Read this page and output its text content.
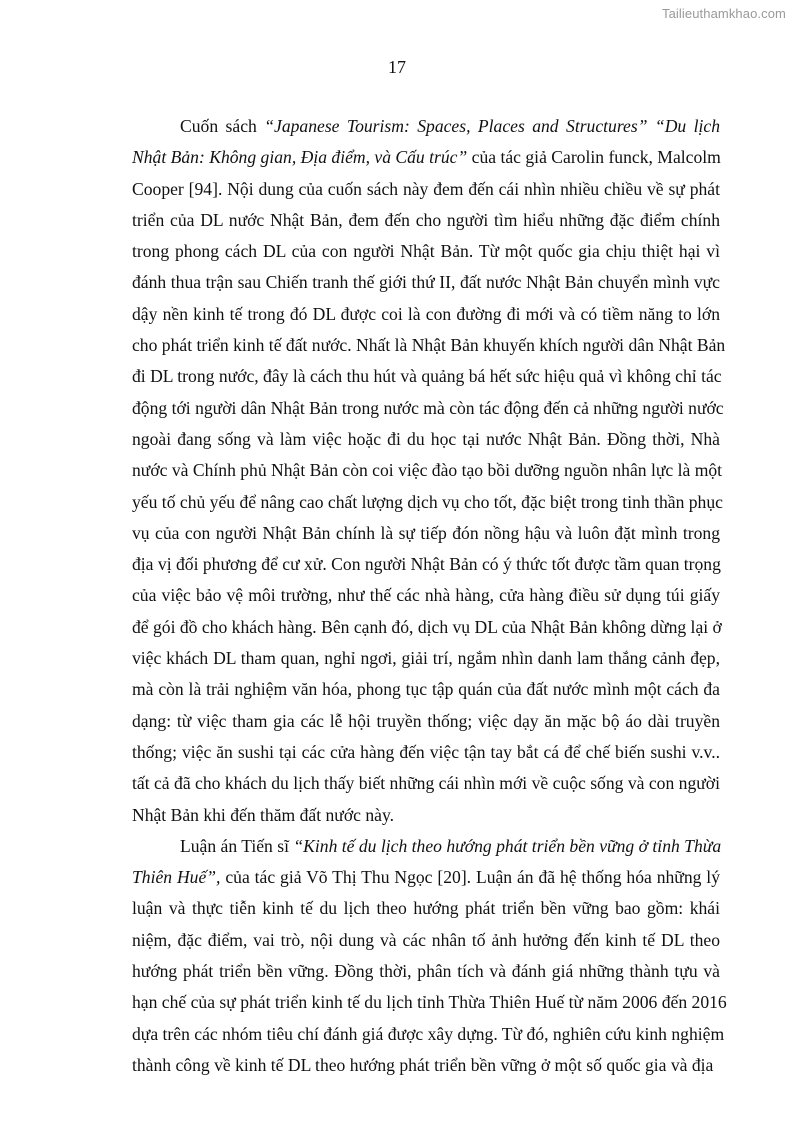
Tailieuthamkhao.com
17
Cuốn sách “Japanese Tourism: Spaces, Places and Structures” “Du lịch
Nhật Bản: Không gian, Địa điểm, và Cấu trúc” của tác giả Carolin funck, Malcolm
Cooper [94]. Nội dung của cuốn sách này đem đến cái nhìn nhiều chiều về sự phát
triển của DL nước Nhật Bản, đem đến cho người tìm hiểu những đặc điểm chính
trong phong cách DL của con người Nhật Bản. Từ một quốc gia chịu thiệt hại vì
đánh thua trận sau Chiến tranh thế giới thứ II, đất nước Nhật Bản chuyển mình vực
dậy nền kinh tế trong đó DL được coi là con đường đi mới và có tiềm năng to lớn
cho phát triển kinh tế đất nước. Nhất là Nhật Bản khuyến khích người dân Nhật Bản
đi DL trong nước, đây là cách thu hút và quảng bá hết sức hiệu quả vì không chỉ tác
động tới người dân Nhật Bản trong nước mà còn tác động đến cả những người nước
ngoài đang sống và làm việc hoặc đi du học tại nước Nhật Bản. Đồng thời, Nhà
nước và Chính phủ Nhật Bản còn coi việc đào tạo bồi dưỡng nguồn nhân lực là một
yếu tố chủ yếu để nâng cao chất lượng dịch vụ cho tốt, đặc biệt trong tinh thần phục
vụ của con người Nhật Bản chính là sự tiếp đón nồng hậu và luôn đặt mình trong
địa vị đối phương để cư xử. Con người Nhật Bản có ý thức tốt được tầm quan trọng
của việc bảo vệ môi trường, như thế các nhà hàng, cửa hàng điều sử dụng túi giấy
để gói đồ cho khách hàng. Bên cạnh đó, dịch vụ DL của Nhật Bản không dừng lại ở
việc khách DL tham quan, nghỉ ngơi, giải trí, ngắm nhìn danh lam thắng cảnh đẹp,
mà còn là trải nghiệm văn hóa, phong tục tập quán của đất nước mình một cách đa
dạng: từ việc tham gia các lễ hội truyền thống; việc dạy ăn mặc bộ áo dài truyền
thống; việc ăn sushi tại các cửa hàng đến việc tận tay bắt cá để chế biến sushi v.v..
tất cả đã cho khách du lịch thấy biết những cái nhìn mới về cuộc sống và con người
Nhật Bản khi đến thăm đất nước này.
Luận án Tiến sĩ “Kinh tế du lịch theo hướng phát triển bền vững ở tỉnh Thừa
Thiên Huế”, của tác giả Võ Thị Thu Ngọc [20]. Luận án đã hệ thống hóa những lý
luận và thực tiễn kinh tế du lịch theo hướng phát triển bền vững bao gồm: khái
niệm, đặc điểm, vai trò, nội dung và các nhân tố ảnh hưởng đến kinh tế DL theo
hướng phát triển bền vững. Đồng thời, phân tích và đánh giá những thành tựu và
hạn chế của sự phát triển kinh tế du lịch tỉnh Thừa Thiên Huế từ năm 2006 đến 2016
dựa trên các nhóm tiêu chí đánh giá được xây dựng. Từ đó, nghiên cứu kinh nghiệm
thành công về kinh tế DL theo hướng phát triển bền vững ở một số quốc gia và địa
